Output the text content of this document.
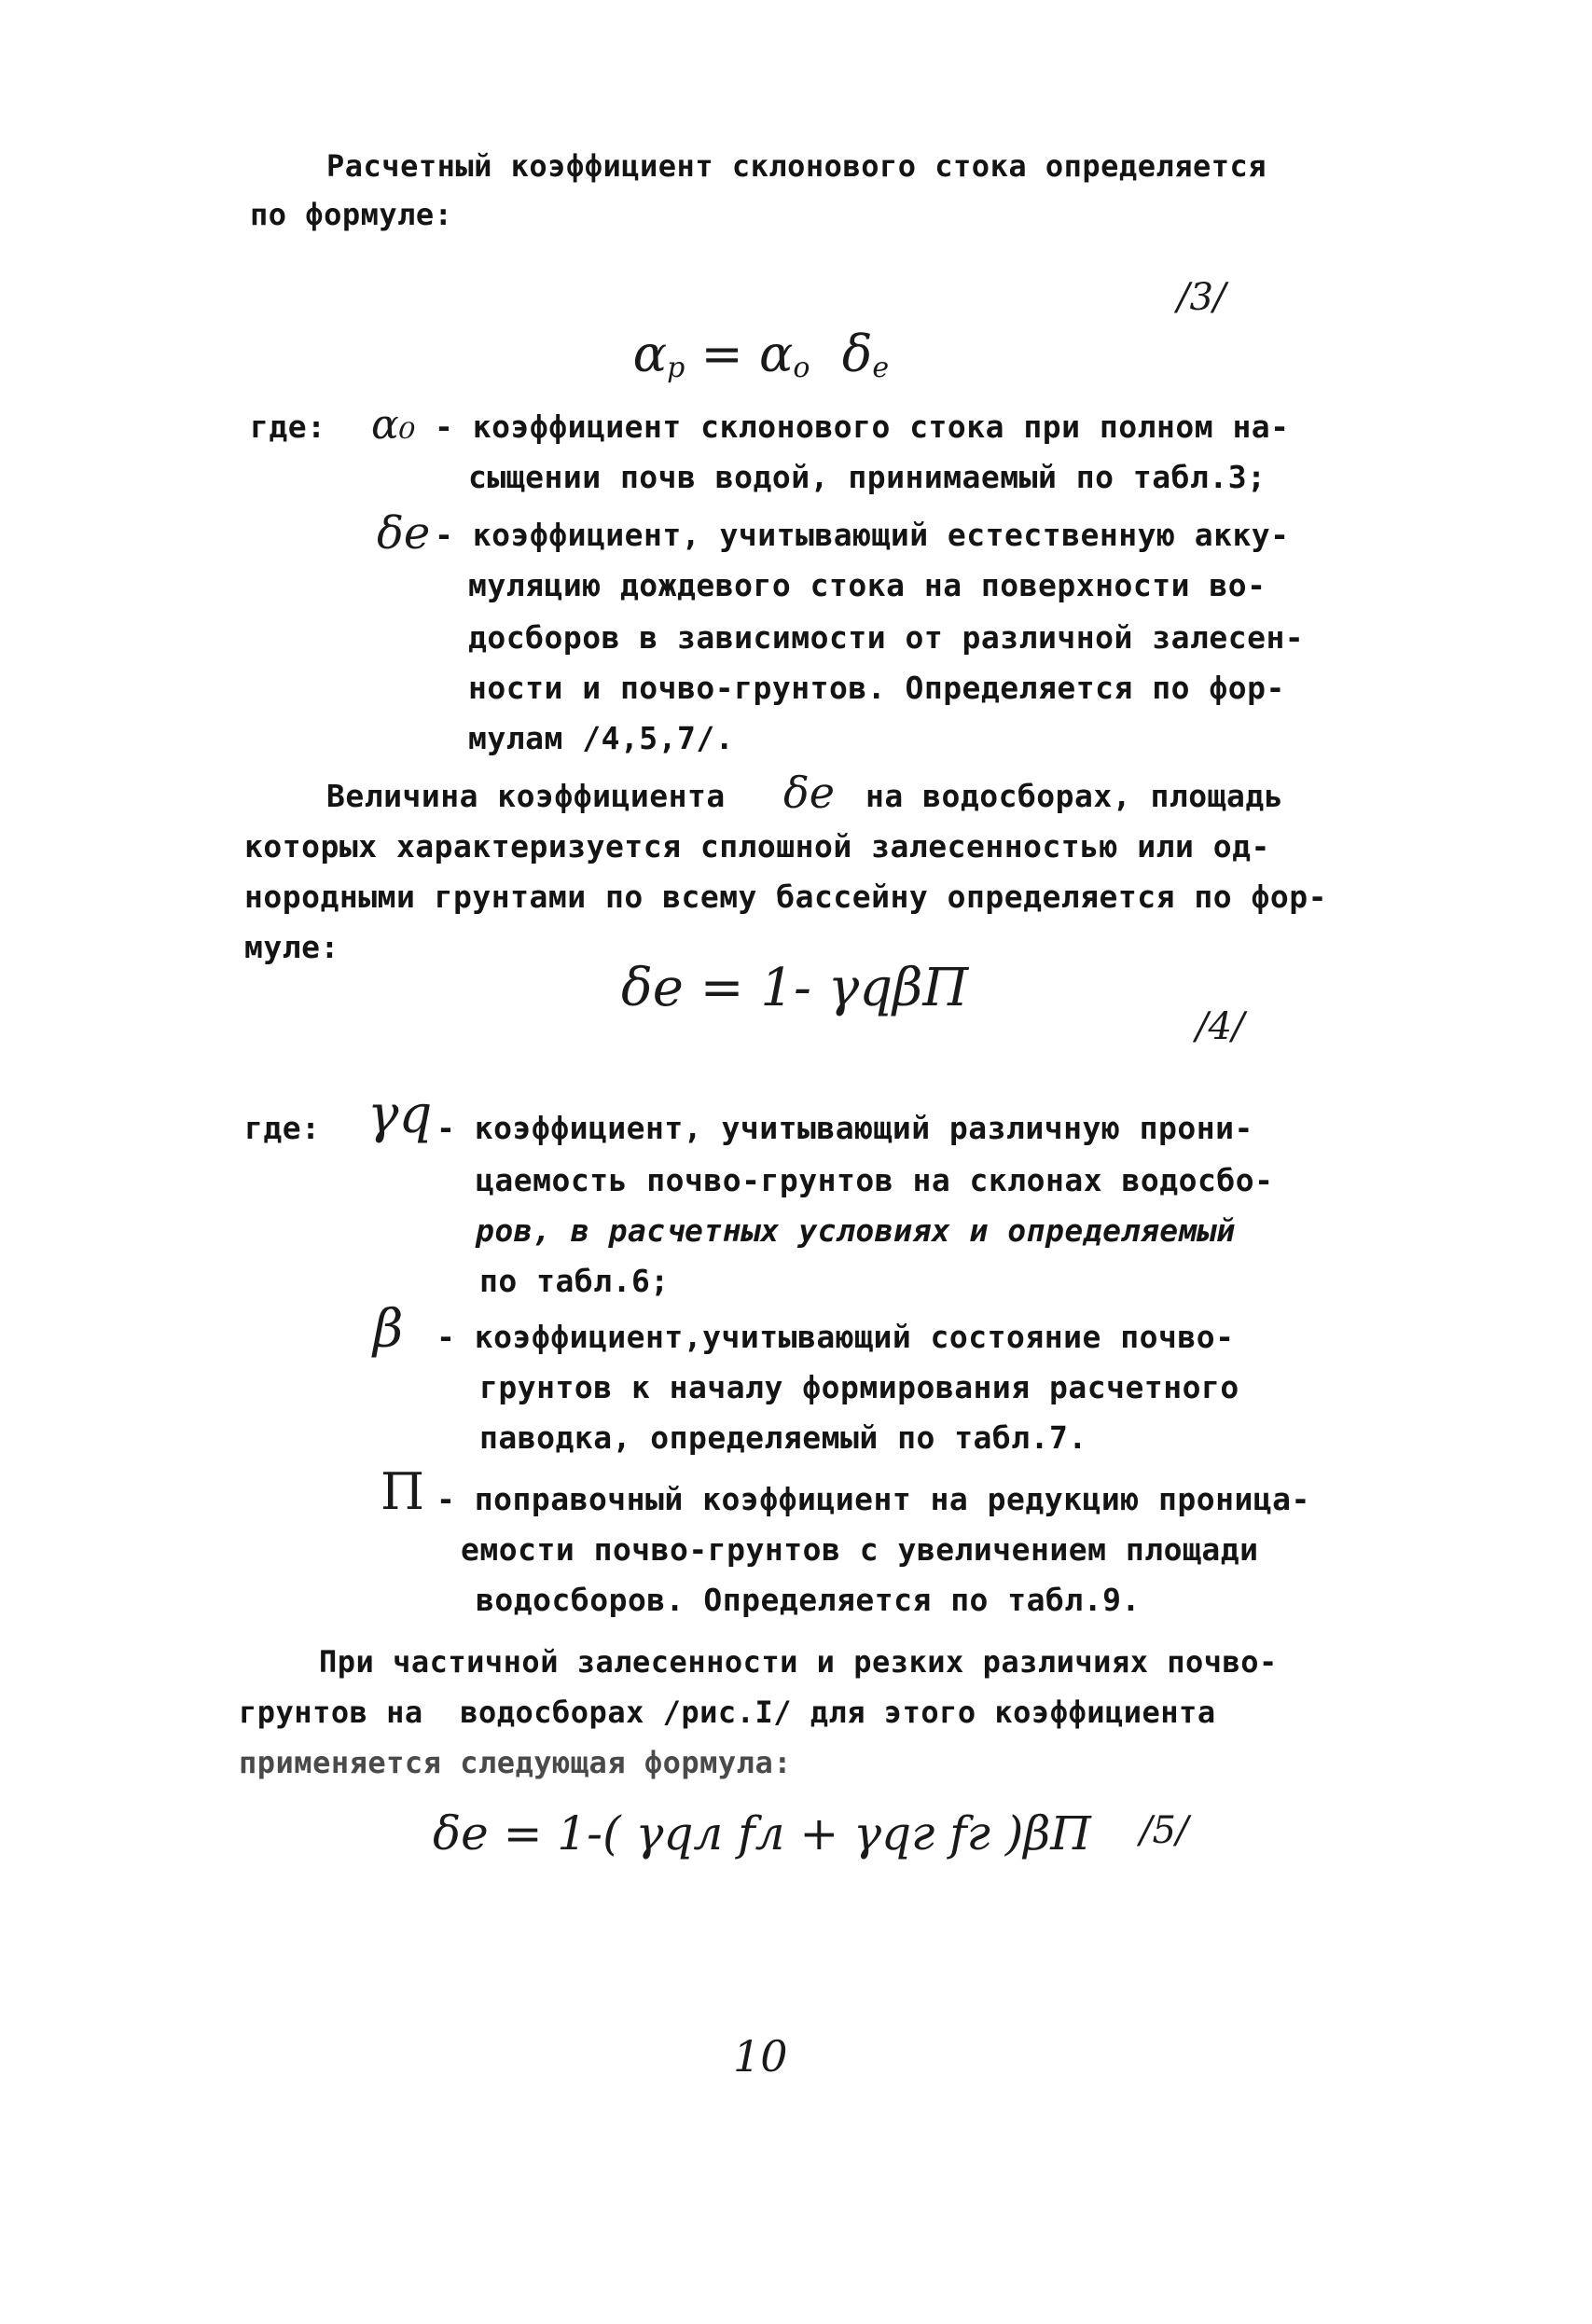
Расчетный коэффициент склонового стока определяется
по формуле:

$\alpha_p = \alpha_o$ $\delta_e$

/3/
где: α₀ - коэффициент склонового стока при полном на-
сыщении почв водой, принимаемый по табл.3;
δe - коэффициент, учитывающий естественную акку-
муляцию дождевого стока на поверхности во-
досборов в зависимости от различной залесен-
ности и почво-грунтов. Определяется по фор-
мулам /4,5,7/.
Величина коэффициента δe на водосборах, площадь
которых характеризуется сплошной залесенностью или од-
нородными грунтами по всему бассейну определяется по фор-
муле:
δe = 1- γqβП
/4/
где: γq - коэффициент, учитывающий различную прони-
цаемость почво-грунтов на склонах водосбо-
ров, в расчетных условиях и определяемый
по табл.6;
β - коэффициент,учитывающий состояние почво-
грунтов к началу формирования расчетного
паводка, определяемый по табл.7.
П - поправочный коэффициент на редукцию проница-
емости почво-грунтов с увеличением площади
водосборов. Определяется по табл.9.
При частичной залесенности и резких различиях почво-
грунтов на  водосборах /рис.I/ для этого коэффициента
применяется следующая формула:
δe = 1-( γqл fл + γqг fг )βП /5/
10
